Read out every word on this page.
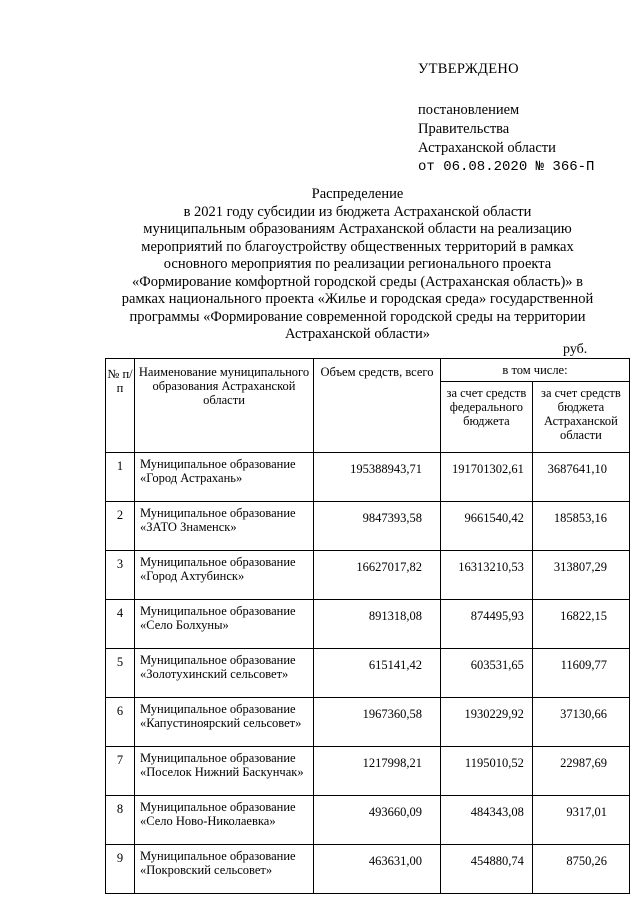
УТВЕРЖДЕНО
постановлением
Правительства
Астраханской области
от 06.08.2020 № 366-П
Распределение
в 2021 году субсидии из бюджета Астраханской области
муниципальным образованиям Астраханской области на реализацию
мероприятий по благоустройству общественных территорий в рамках
основного мероприятия по реализации регионального проекта
«Формирование комфортной городской среды (Астраханская область)» в
рамках национального проекта «Жилье и городская среда» государственной
программы «Формирование современной городской среды на территории
Астраханской области»
руб.
№ п/п	Наименование муниципального образования Астраханской области	Объем средств, всего	в том числе:	
			за счет средств федерального бюджета	за счет средств бюджета Астраханской области
1	Муниципальное образование
«Город Астрахань»	195388943,71	191701302,61	3687641,10
2	Муниципальное образование
«ЗАТО Знаменск»	9847393,58	9661540,42	185853,16
3	Муниципальное образование
«Город Ахтубинск»	16627017,82	16313210,53	313807,29
4	Муниципальное образование
«Село Болхуны»	891318,08	874495,93	16822,15
5	Муниципальное образование
«Золотухинский сельсовет»	615141,42	603531,65	11609,77
6	Муниципальное образование
«Капустиноярский сельсовет»	1967360,58	1930229,92	37130,66
7	Муниципальное образование
«Поселок Нижний Баскунчак»	1217998,21	1195010,52	22987,69
8	Муниципальное образование
«Село Ново-Николаевка»	493660,09	484343,08	9317,01
9	Муниципальное образование
«Покровский сельсовет»	463631,00	454880,74	8750,26
